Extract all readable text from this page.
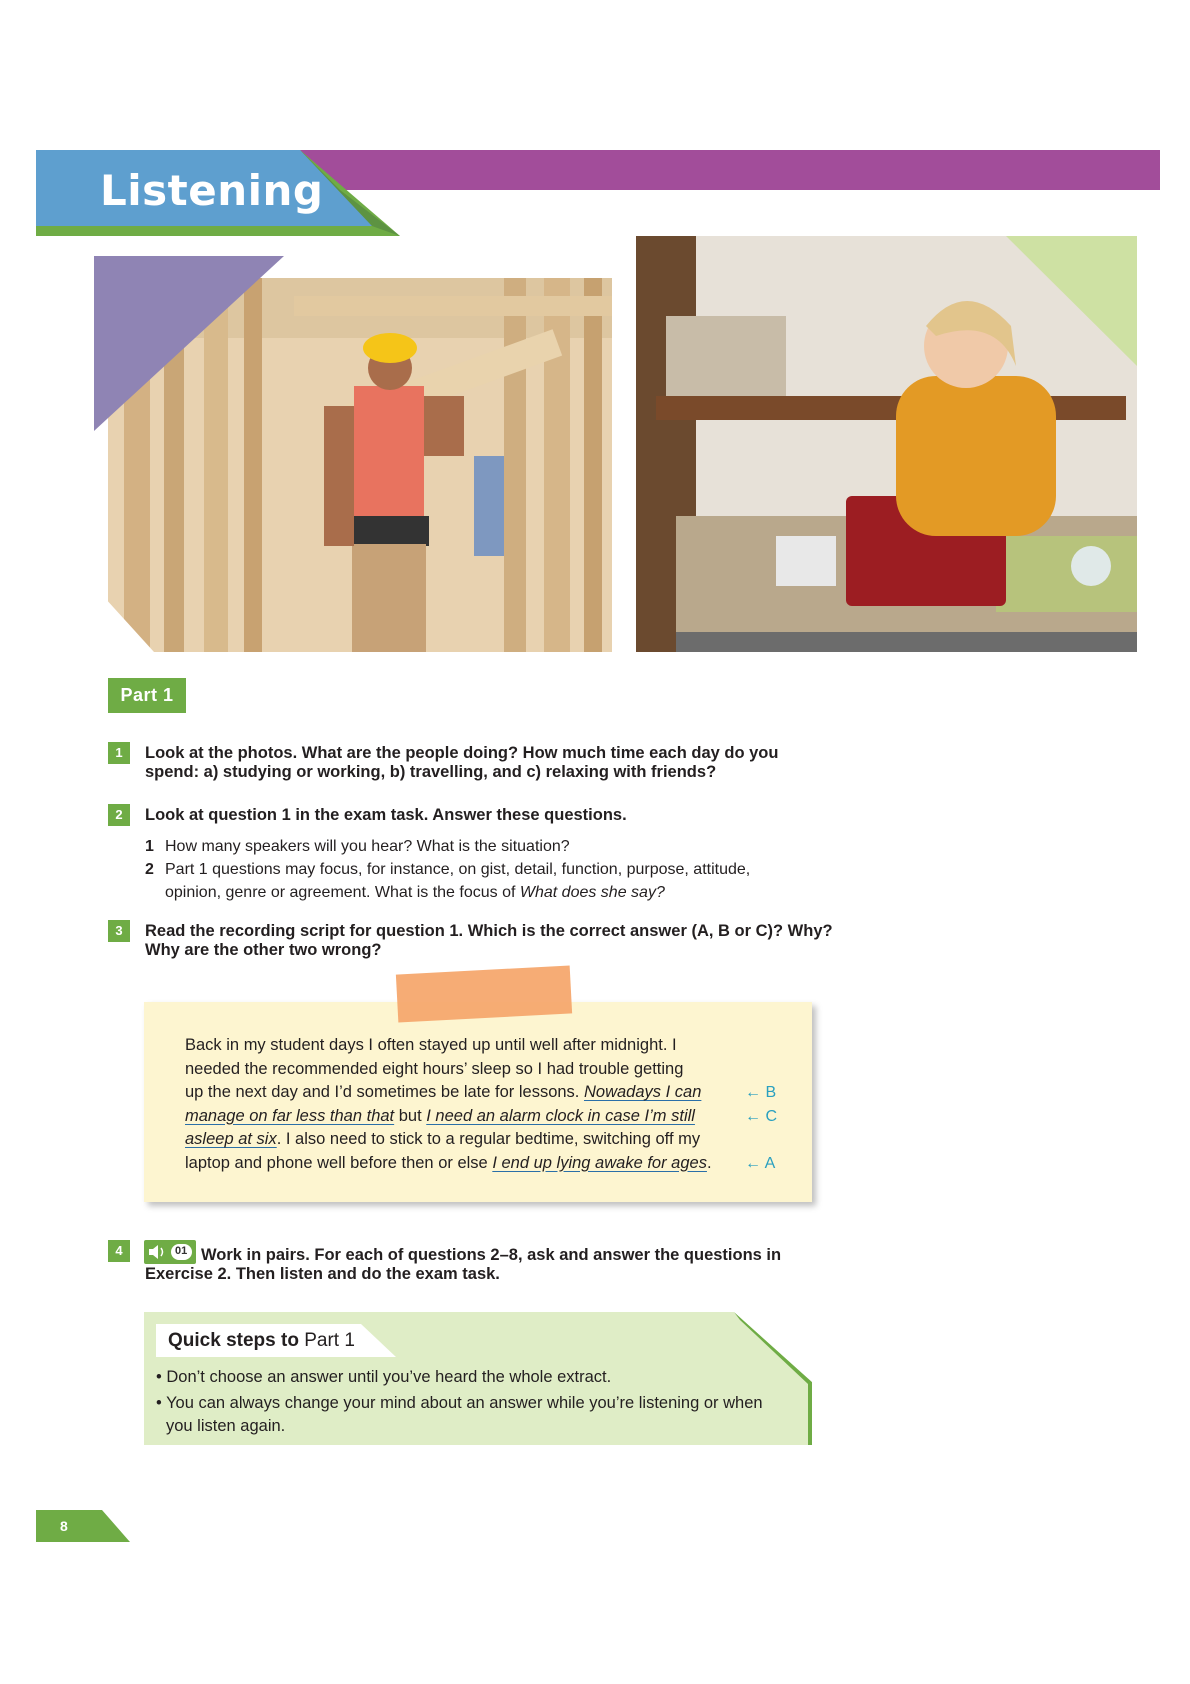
Listening
Part 1
1	Look at the photos. What are the people doing? How much time each day do you
spend: a) studying or working, b) travelling, and c) relaxing with friends?
2	Look at question 1 in the exam task. Answer these questions.
1 How many speakers will you hear? What is the situation?
2 Part 1 questions may focus, for instance, on gist, detail, function, purpose, attitude,
opinion, genre or agreement. What is the focus of What does she say?
3	Read the recording script for question 1. Which is the correct answer (A, B or C)? Why?
Why are the other two wrong?
Back in my student days I often stayed up until well after midnight. I
needed the recommended eight hours’ sleep so I had trouble getting
up the next day and I’d sometimes be late for lessons. Nowadays I can
manage on far less than that but I need an alarm clock in case I’m still
asleep at six. I also need to stick to a regular bedtime, switching off my
laptop and phone well before then or else I end up lying awake for ages.
← B
← C
← A
4	01 Work in pairs. For each of questions 2–8, ask and answer the questions in
Exercise 2. Then listen and do the exam task.
Quick steps to Part 1
• Don’t choose an answer until you’ve heard the whole extract.
• You can always change your mind about an answer while you’re listening or when
you listen again.
8
